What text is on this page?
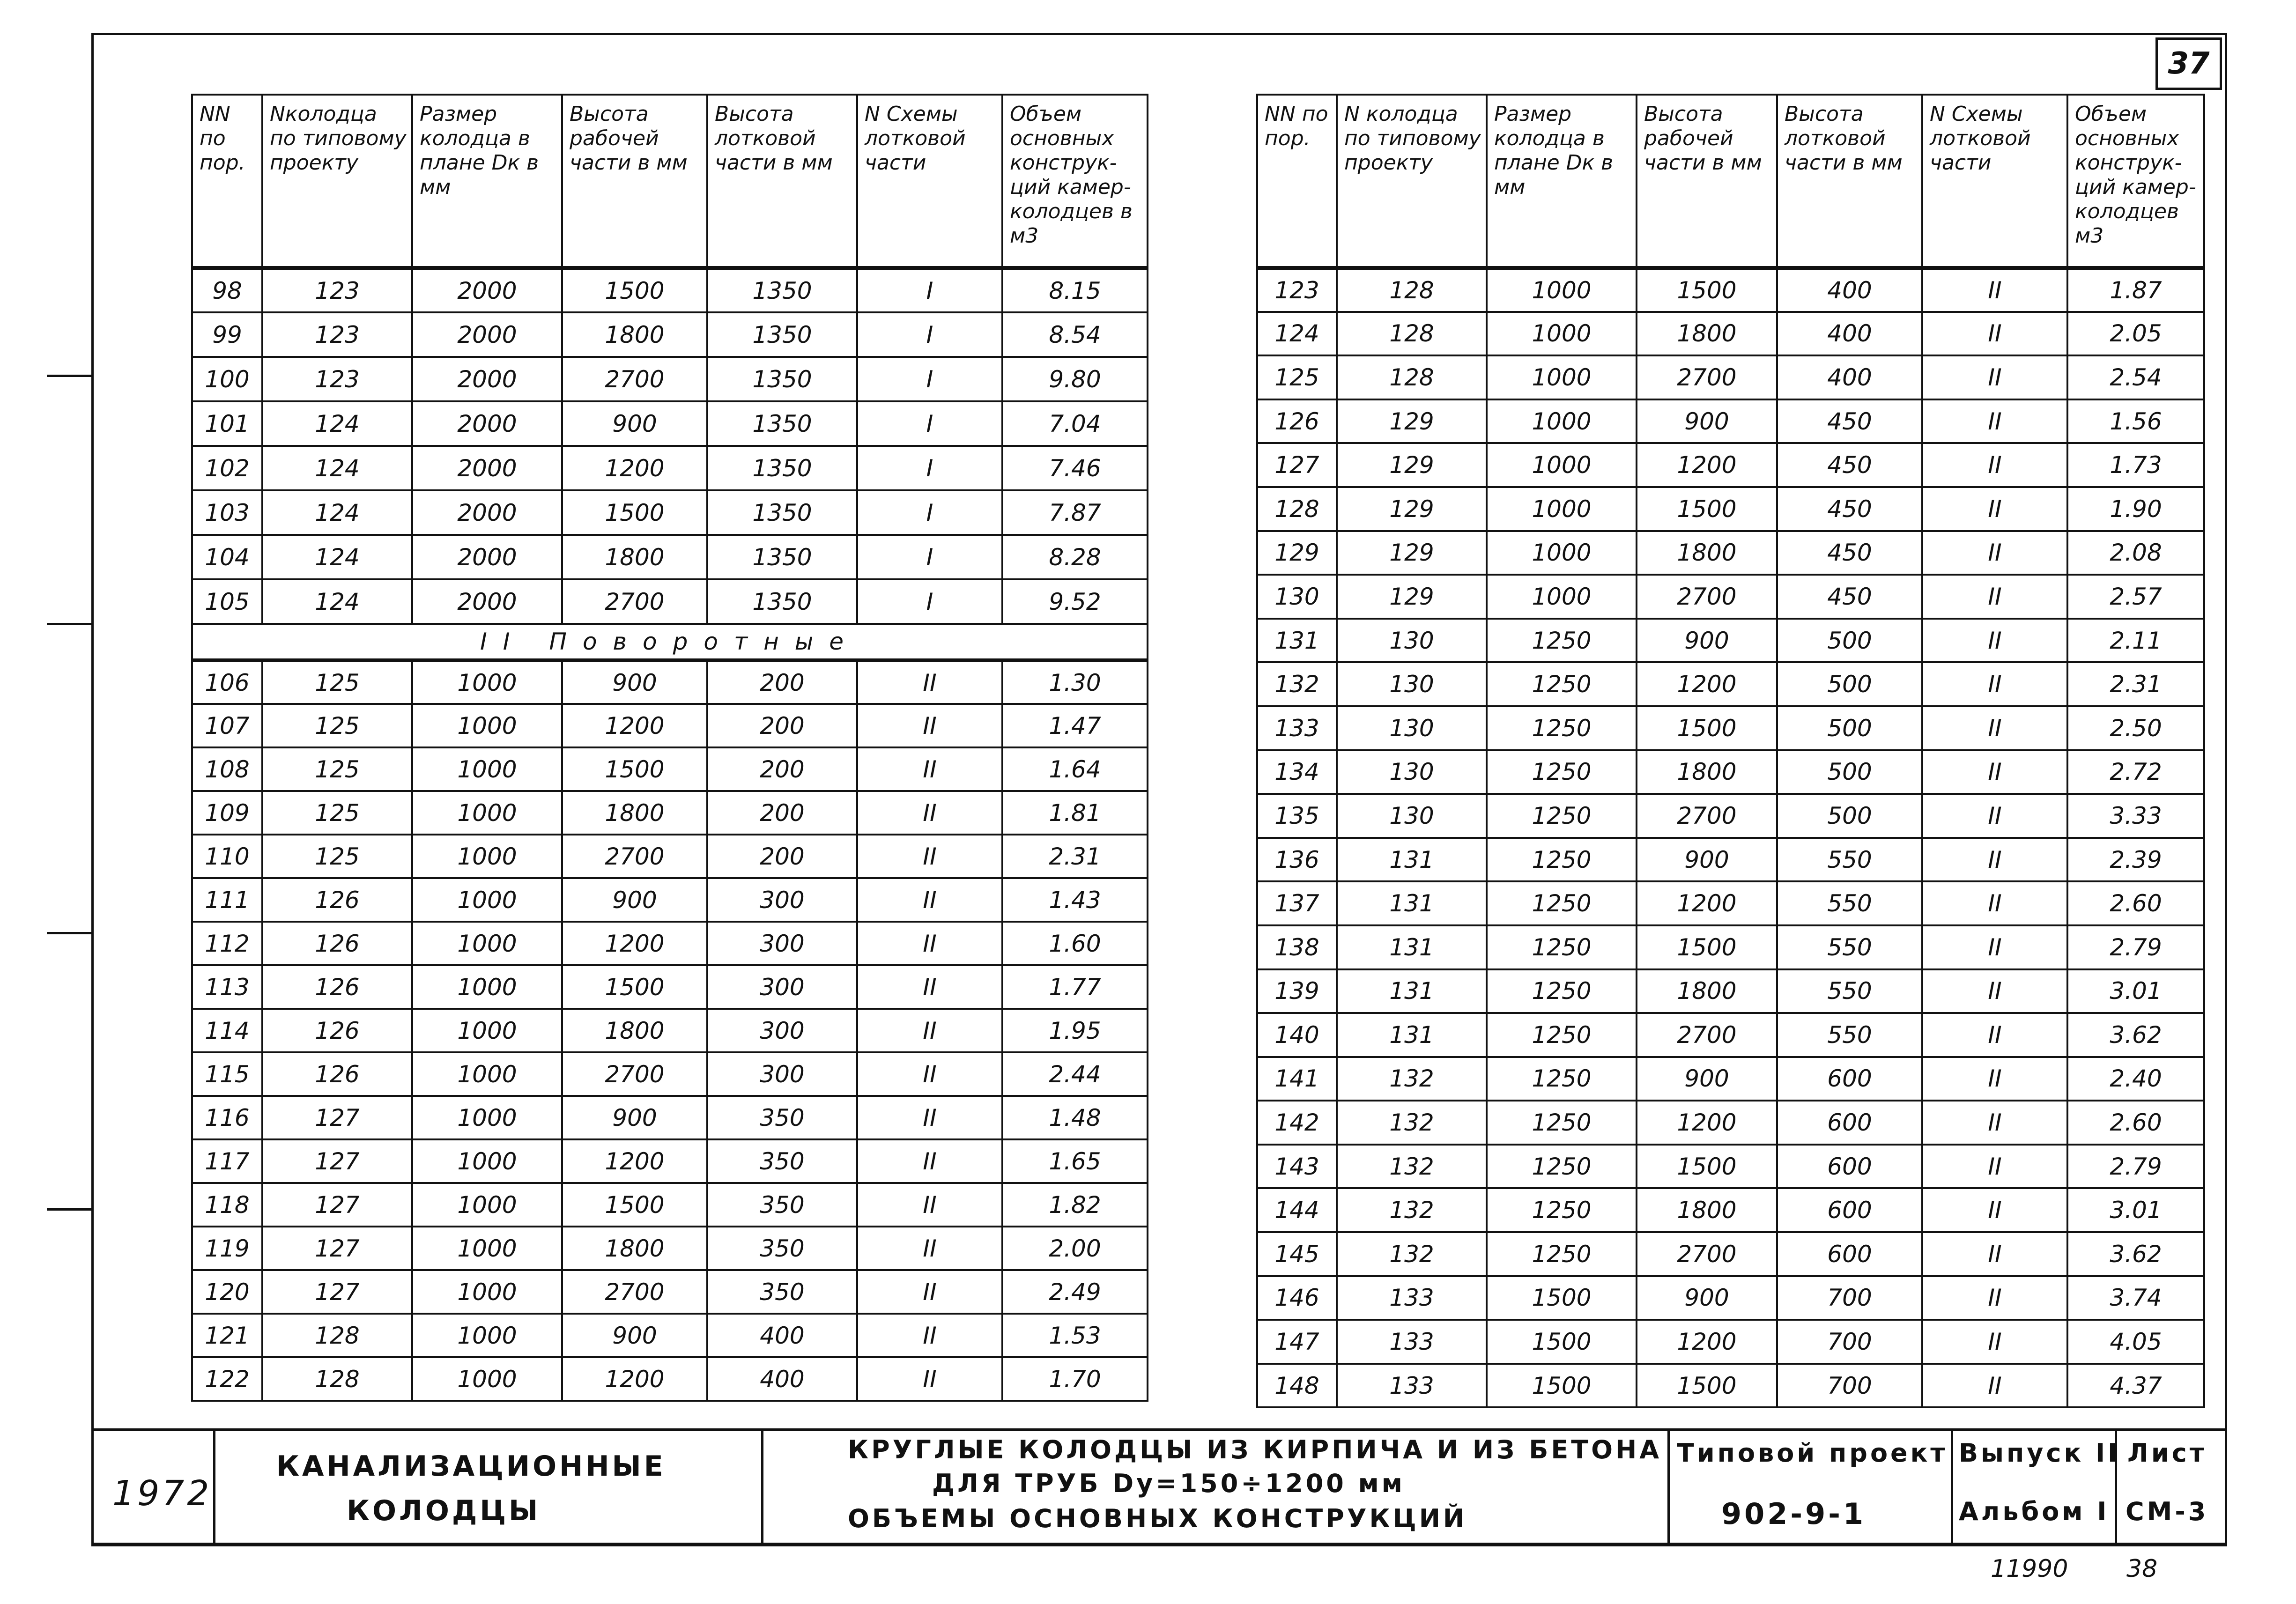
37
NN по пор.	Nколодца по типовому проекту	Размер колодца в плане Dк в мм	Высота рабочей части в мм	Высота лотковой части в мм	N Схемы лотковой части	Объем основных конструк-ций камер-колодцев в м3
98	123	2000	1500	1350	I	8.15
99	123	2000	1800	1350	I	8.54
100	123	2000	2700	1350	I	9.80
101	124	2000	900	1350	I	7.04
102	124	2000	1200	1350	I	7.46
103	124	2000	1500	1350	I	7.87
104	124	2000	1800	1350	I	8.28
105	124	2000	2700	1350	I	9.52
II Поворотные						
106	125	1000	900	200	II	1.30
107	125	1000	1200	200	II	1.47
108	125	1000	1500	200	II	1.64
109	125	1000	1800	200	II	1.81
110	125	1000	2700	200	II	2.31
111	126	1000	900	300	II	1.43
112	126	1000	1200	300	II	1.60
113	126	1000	1500	300	II	1.77
114	126	1000	1800	300	II	1.95
115	126	1000	2700	300	II	2.44
116	127	1000	900	350	II	1.48
117	127	1000	1200	350	II	1.65
118	127	1000	1500	350	II	1.82
119	127	1000	1800	350	II	2.00
120	127	1000	2700	350	II	2.49
121	128	1000	900	400	II	1.53
122	128	1000	1200	400	II	1.70
NN по пор.	N колодца по типовому проекту	Размер колодца в плане Dк в мм	Высота рабочей части в мм	Высота лотковой части в мм	N Схемы лотковой части	Объем основных конструк-ций камер-колодцев м3
123	128	1000	1500	400	II	1.87
124	128	1000	1800	400	II	2.05
125	128	1000	2700	400	II	2.54
126	129	1000	900	450	II	1.56
127	129	1000	1200	450	II	1.73
128	129	1000	1500	450	II	1.90
129	129	1000	1800	450	II	2.08
130	129	1000	2700	450	II	2.57
131	130	1250	900	500	II	2.11
132	130	1250	1200	500	II	2.31
133	130	1250	1500	500	II	2.50
134	130	1250	1800	500	II	2.72
135	130	1250	2700	500	II	3.33
136	131	1250	900	550	II	2.39
137	131	1250	1200	550	II	2.60
138	131	1250	1500	550	II	2.79
139	131	1250	1800	550	II	3.01
140	131	1250	2700	550	II	3.62
141	132	1250	900	600	II	2.40
142	132	1250	1200	600	II	2.60
143	132	1250	1500	600	II	2.79
144	132	1250	1800	600	II	3.01
145	132	1250	2700	600	II	3.62
146	133	1500	900	700	II	3.74
147	133	1500	1200	700	II	4.05
148	133	1500	1500	700	II	4.37
1972
КАНАЛИЗАЦИОННЫЕ
КОЛОДЦЫ
КРУГЛЫЕ КОЛОДЦЫ ИЗ КИРПИЧА И ИЗ БЕТОНА
ДЛЯ ТРУБ Dу=150÷1200 мм
ОБЪЕМЫ ОСНОВНЫХ КОНСТРУКЦИЙ
Типовой проект
902-9-1
Выпуск II
Альбом I
Лист
СМ-3
11990 38
